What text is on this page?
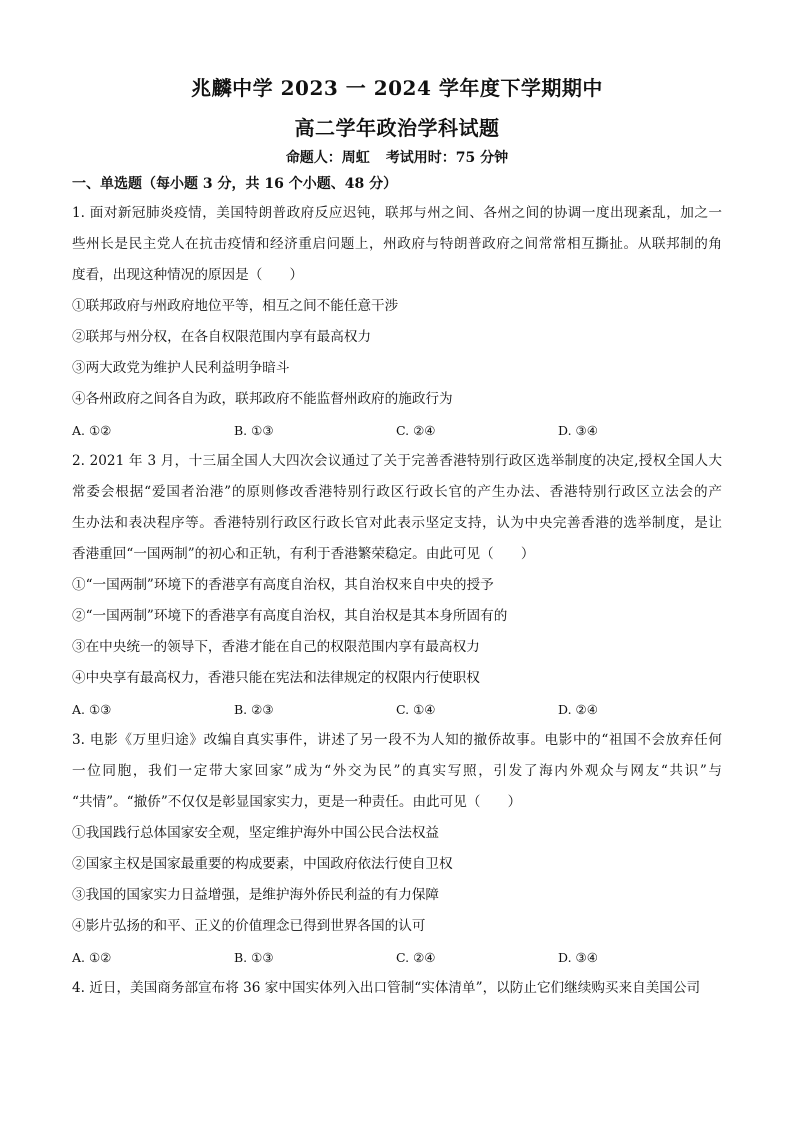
兆麟中学 2023 一 2024 学年度下学期期中
高二学年政治学科试题
命题人：周虹 考试用时：75 分钟
一、单选题（每小题 3 分，共 16 个小题、48 分）
1. 面对新冠肺炎疫情，美国特朗普政府反应迟钝，联邦与州之间、各州之间的协调一度出现紊乱，加之一
些州长是民主党人在抗击疫情和经济重启问题上，州政府与特朗普政府之间常常相互撕扯。从联邦制的角
度看，出现这种情况的原因是（　　）
①联邦政府与州政府地位平等，相互之间不能任意干涉
②联邦与州分权，在各自权限范围内享有最高权力
③两大政党为维护人民利益明争暗斗
④各州政府之间各自为政，联邦政府不能监督州政府的施政行为
A. ①②	B. ①③	C. ②④	D. ③④
2. 2021 年 3 月，十三届全国人大四次会议通过了关于完善香港特别行政区选举制度的决定,授权全国人大
常委会根据“爱国者治港”的原则修改香港特别行政区行政长官的产生办法、香港特别行政区立法会的产
生办法和表决程序等。香港特别行政区行政长官对此表示坚定支持，认为中央完善香港的选举制度，是让
香港重回“一国两制”的初心和正轨，有利于香港繁荣稳定。由此可见（　　）
①“一国两制”环境下的香港享有高度自治权，其自治权来自中央的授予
②“一国两制”环境下的香港享有高度自治权，其自治权是其本身所固有的
③在中央统一的领导下，香港才能在自己的权限范围内享有最高权力
④中央享有最高权力，香港只能在宪法和法律规定的权限内行使职权
A. ①③	B. ②③	C. ①④	D. ②④
3. 电影《万里归途》改编自真实事件，讲述了另一段不为人知的撤侨故事。电影中的“祖国不会放弃任何
一位同胞，我们一定带大家回家”成为“外交为民”的真实写照，引发了海内外观众与网友“共识”与
“共情”。“撤侨”不仅仅是彰显国家实力，更是一种责任。由此可见（　　）
①我国践行总体国家安全观，坚定维护海外中国公民合法权益
②国家主权是国家最重要的构成要素，中国政府依法行使自卫权
③我国的国家实力日益增强，是维护海外侨民利益的有力保障
④影片弘扬的和平、正义的价值理念已得到世界各国的认可
A. ①②	B. ①③	C. ②④	D. ③④
4. 近日，美国商务部宣布将 36 家中国实体列入出口管制“实体清单”，以防止它们继续购买来自美国公司
